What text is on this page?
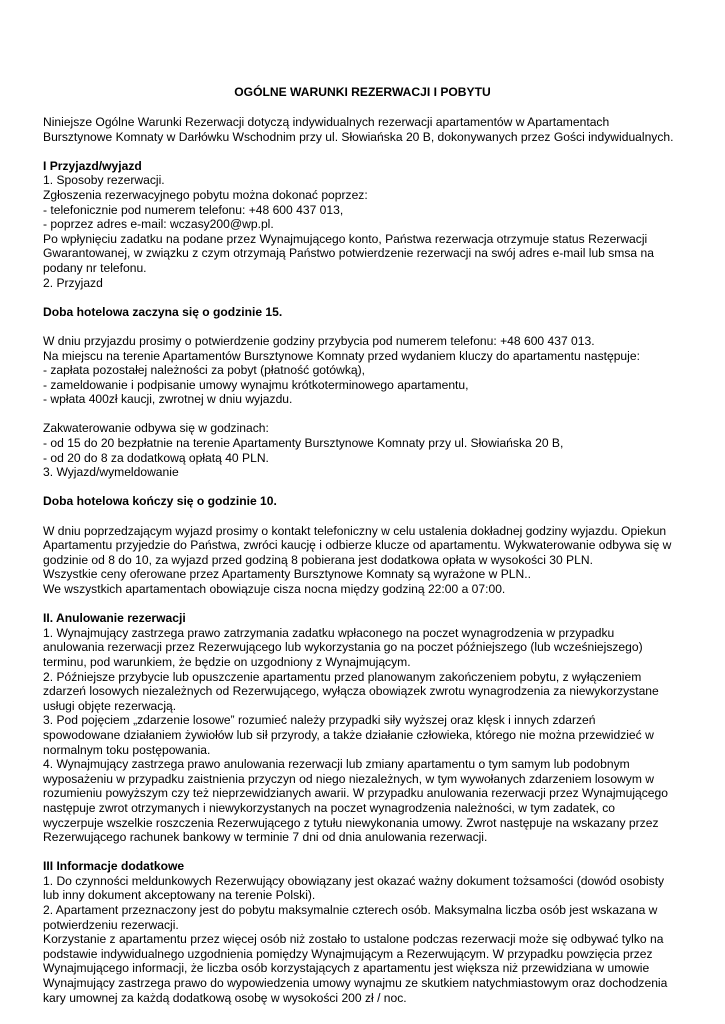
OGÓLNE WARUNKI REZERWACJI I POBYTU

Niniejsze Ogólne Warunki Rezerwacji dotyczą indywidualnych rezerwacji apartamentów w Apartamentach

Bursztynowe Komnaty w Darłówku Wschodnim przy ul. Słowiańska 20 B, dokonywanych przez Gości indywidualnych.

I Przyjazd/wyjazd

1. Sposoby rezerwacji.

Zgłoszenia rezerwacyjnego pobytu można dokonać poprzez:

- telefonicznie pod numerem telefonu: +48 600 437 013,

- poprzez adres e-mail: wczasy200@wp.pl.

Po wpłynięciu zadatku na podane przez Wynajmującego konto, Państwa rezerwacja otrzymuje status Rezerwacji

Gwarantowanej, w związku z czym otrzymają Państwo potwierdzenie rezerwacji na swój adres e-mail lub smsa na

podany nr telefonu.

2. Przyjazd

Doba hotelowa zaczyna się o godzinie 15.

W dniu przyjazdu prosimy o potwierdzenie godziny przybycia pod numerem telefonu: +48 600 437 013.

Na miejscu na terenie Apartamentów Bursztynowe Komnaty przed wydaniem kluczy do apartamentu następuje:

- zapłata pozostałej należności za pobyt (płatność gotówką),

- zameldowanie i podpisanie umowy wynajmu krótkoterminowego apartamentu,

- wpłata 400zł kaucji, zwrotnej w dniu wyjazdu.

Zakwaterowanie odbywa się w godzinach:

- od 15 do 20 bezpłatnie na terenie Apartamenty Bursztynowe Komnaty przy ul. Słowiańska 20 B,

- od 20 do 8 za dodatkową opłatą 40 PLN.

3. Wyjazd/wymeldowanie

Doba hotelowa kończy się o godzinie 10.

W dniu poprzedzającym wyjazd prosimy o kontakt telefoniczny w celu ustalenia dokładnej godziny wyjazdu. Opiekun

Apartamentu przyjedzie do Państwa, zwróci kaucję i odbierze klucze od apartamentu. Wykwaterowanie odbywa się w

godzinie od 8 do 10, za wyjazd przed godziną 8 pobierana jest dodatkowa opłata w wysokości 30 PLN.

Wszystkie ceny oferowane przez Apartamenty Bursztynowe Komnaty są wyrażone w PLN..

We wszystkich apartamentach obowiązuje cisza nocna między godziną 22:00 a 07:00.

II. Anulowanie rezerwacji

1. Wynajmujący zastrzega prawo zatrzymania zadatku wpłaconego na poczet wynagrodzenia w przypadku

anulowania rezerwacji przez Rezerwującego lub wykorzystania go na poczet późniejszego (lub wcześniejszego)

terminu, pod warunkiem, że będzie on uzgodniony z Wynajmującym.

2. Późniejsze przybycie lub opuszczenie apartamentu przed planowanym zakończeniem pobytu, z wyłączeniem

zdarzeń losowych niezależnych od Rezerwującego, wyłącza obowiązek zwrotu wynagrodzenia za niewykorzystane

usługi objęte rezerwacją.

3. Pod pojęciem „zdarzenie losowe” rozumieć należy przypadki siły wyższej oraz klęsk i innych zdarzeń

spowodowane działaniem żywiołów lub sił przyrody, a także działanie człowieka, którego nie można przewidzieć w

normalnym toku postępowania.

4. Wynajmujący zastrzega prawo anulowania rezerwacji lub zmiany apartamentu o tym samym lub podobnym

wyposażeniu w przypadku zaistnienia przyczyn od niego niezależnych, w tym wywołanych zdarzeniem losowym w

rozumieniu powyższym czy też nieprzewidzianych awarii. W przypadku anulowania rezerwacji przez Wynajmującego

następuje zwrot otrzymanych i niewykorzystanych na poczet wynagrodzenia należności, w tym zadatek, co

wyczerpuje wszelkie roszczenia Rezerwującego z tytułu niewykonania umowy. Zwrot następuje na wskazany przez

Rezerwującego rachunek bankowy w terminie 7 dni od dnia anulowania rezerwacji.

III Informacje dodatkowe

1. Do czynności meldunkowych Rezerwujący obowiązany jest okazać ważny dokument tożsamości (dowód osobisty

lub inny dokument akceptowany na terenie Polski).

2. Apartament przeznaczony jest do pobytu maksymalnie czterech osób. Maksymalna liczba osób jest wskazana w

potwierdzeniu rezerwacji.

Korzystanie z apartamentu przez więcej osób niż zostało to ustalone podczas rezerwacji może się odbywać tylko na

podstawie indywidualnego uzgodnienia pomiędzy Wynajmującym a Rezerwującym. W przypadku powzięcia przez

Wynajmującego informacji, że liczba osób korzystających z apartamentu jest większa niż przewidziana w umowie

Wynajmujący zastrzega prawo do wypowiedzenia umowy wynajmu ze skutkiem natychmiastowym oraz dochodzenia

kary umownej za każdą dodatkową osobę w wysokości 200 zł / noc.
